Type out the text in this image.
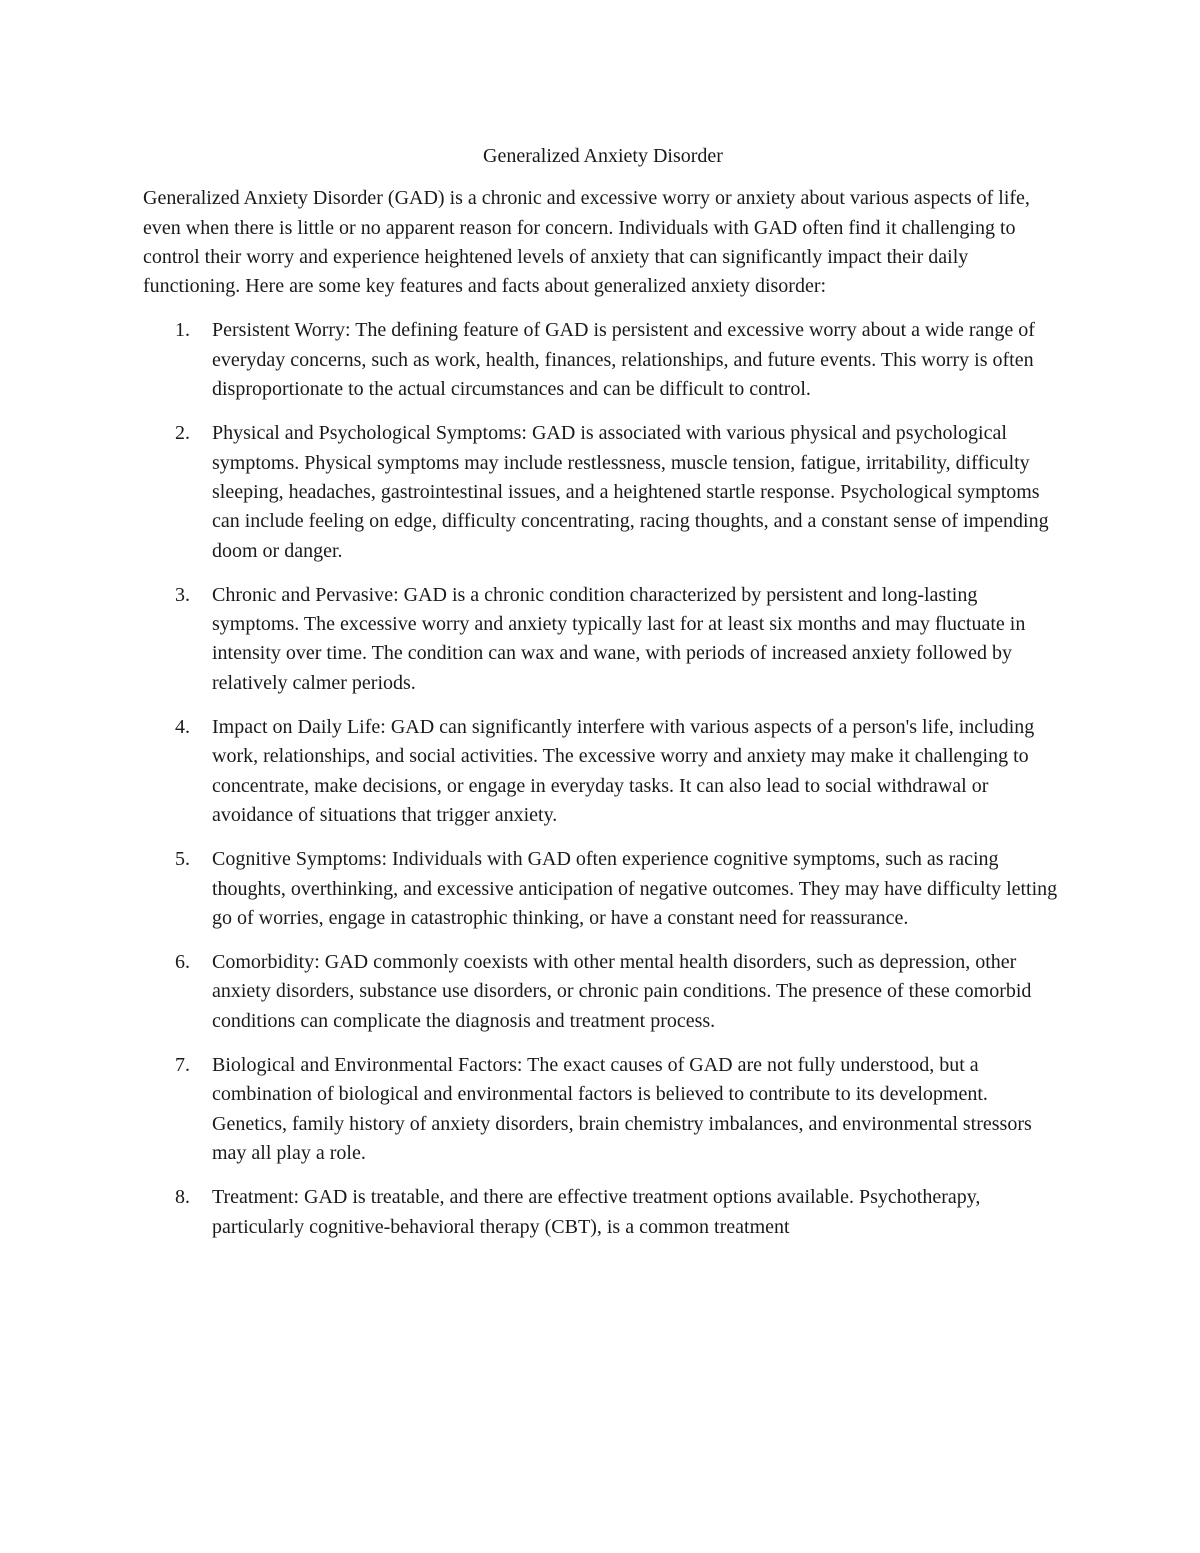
Generalized Anxiety Disorder

Generalized Anxiety Disorder (GAD) is a chronic and excessive worry or anxiety about various aspects of life, even when there is little or no apparent reason for concern. Individuals with GAD often find it challenging to control their worry and experience heightened levels of anxiety that can significantly impact their daily functioning. Here are some key features and facts about generalized anxiety disorder:

1. Persistent Worry: The defining feature of GAD is persistent and excessive worry about a wide range of everyday concerns, such as work, health, finances, relationships, and future events. This worry is often disproportionate to the actual circumstances and can be difficult to control.
2. Physical and Psychological Symptoms: GAD is associated with various physical and psychological symptoms. Physical symptoms may include restlessness, muscle tension, fatigue, irritability, difficulty sleeping, headaches, gastrointestinal issues, and a heightened startle response. Psychological symptoms can include feeling on edge, difficulty concentrating, racing thoughts, and a constant sense of impending doom or danger.
3. Chronic and Pervasive: GAD is a chronic condition characterized by persistent and long-lasting symptoms. The excessive worry and anxiety typically last for at least six months and may fluctuate in intensity over time. The condition can wax and wane, with periods of increased anxiety followed by relatively calmer periods.
4. Impact on Daily Life: GAD can significantly interfere with various aspects of a person's life, including work, relationships, and social activities. The excessive worry and anxiety may make it challenging to concentrate, make decisions, or engage in everyday tasks. It can also lead to social withdrawal or avoidance of situations that trigger anxiety.
5. Cognitive Symptoms: Individuals with GAD often experience cognitive symptoms, such as racing thoughts, overthinking, and excessive anticipation of negative outcomes. They may have difficulty letting go of worries, engage in catastrophic thinking, or have a constant need for reassurance.
6. Comorbidity: GAD commonly coexists with other mental health disorders, such as depression, other anxiety disorders, substance use disorders, or chronic pain conditions. The presence of these comorbid conditions can complicate the diagnosis and treatment process.
7. Biological and Environmental Factors: The exact causes of GAD are not fully understood, but a combination of biological and environmental factors is believed to contribute to its development. Genetics, family history of anxiety disorders, brain chemistry imbalances, and environmental stressors may all play a role.
8. Treatment: GAD is treatable, and there are effective treatment options available. Psychotherapy, particularly cognitive-behavioral therapy (CBT), is a common treatment
